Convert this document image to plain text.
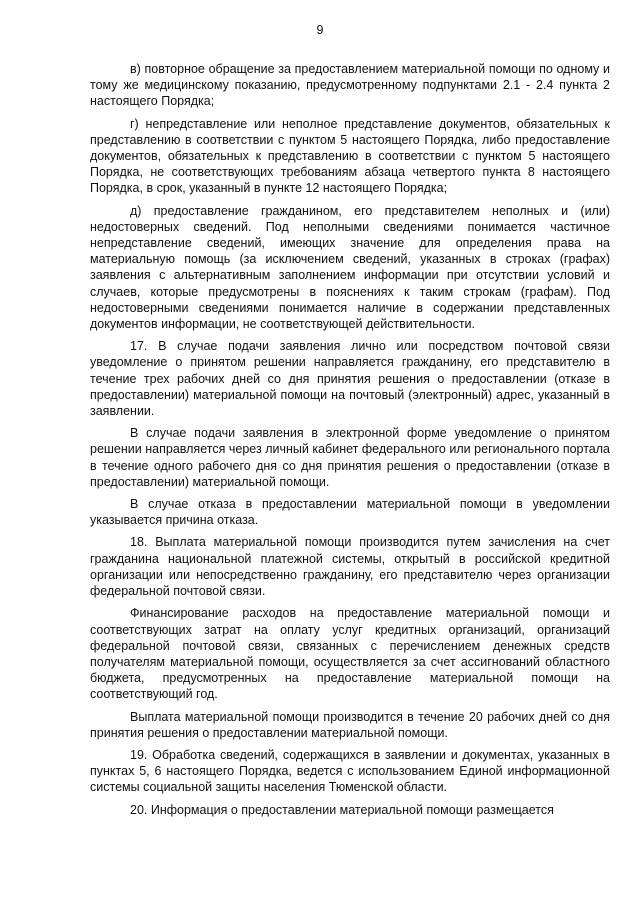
9

в) повторное обращение за предоставлением материальной помощи по одному и тому же медицинскому показанию, предусмотренному подпунктами 2.1 - 2.4 пункта 2 настоящего Порядка;

г) непредставление или неполное представление документов, обязательных к представлению в соответствии с пунктом 5 настоящего Порядка, либо предоставление документов, обязательных к представлению в соответствии с пунктом 5 настоящего Порядка, не соответствующих требованиям абзаца четвертого пункта 8 настоящего Порядка, в срок, указанный в пункте 12 настоящего Порядка;

д) предоставление гражданином, его представителем неполных и (или) недостоверных сведений. Под неполными сведениями понимается частичное непредставление сведений, имеющих значение для определения права на материальную помощь (за исключением сведений, указанных в строках (графах) заявления с альтернативным заполнением информации при отсутствии условий и случаев, которые предусмотрены в пояснениях к таким строкам (графам). Под недостоверными сведениями понимается наличие в содержании представленных документов информации, не соответствующей действительности.

17. В случае подачи заявления лично или посредством почтовой связи уведомление о принятом решении направляется гражданину, его представителю в течение трех рабочих дней со дня принятия решения о предоставлении (отказе в предоставлении) материальной помощи на почтовый (электронный) адрес, указанный в заявлении.

В случае подачи заявления в электронной форме уведомление о принятом решении направляется через личный кабинет федерального или регионального портала в течение одного рабочего дня со дня принятия решения о предоставлении (отказе в предоставлении) материальной помощи.

В случае отказа в предоставлении материальной помощи в уведомлении указывается причина отказа.

18. Выплата материальной помощи производится путем зачисления на счет гражданина национальной платежной системы, открытый в российской кредитной организации или непосредственно гражданину, его представителю через организации федеральной почтовой связи.

Финансирование расходов на предоставление материальной помощи и соответствующих затрат на оплату услуг кредитных организаций, организаций федеральной почтовой связи, связанных с перечислением денежных средств получателям материальной помощи, осуществляется за счет ассигнований областного бюджета, предусмотренных на предоставление материальной помощи на соответствующий год.

Выплата материальной помощи производится в течение 20 рабочих дней со дня принятия решения о предоставлении материальной помощи.

19. Обработка сведений, содержащихся в заявлении и документах, указанных в пунктах 5, 6 настоящего Порядка, ведется с использованием Единой информационной системы социальной защиты населения Тюменской области.

20. Информация о предоставлении материальной помощи размещается
